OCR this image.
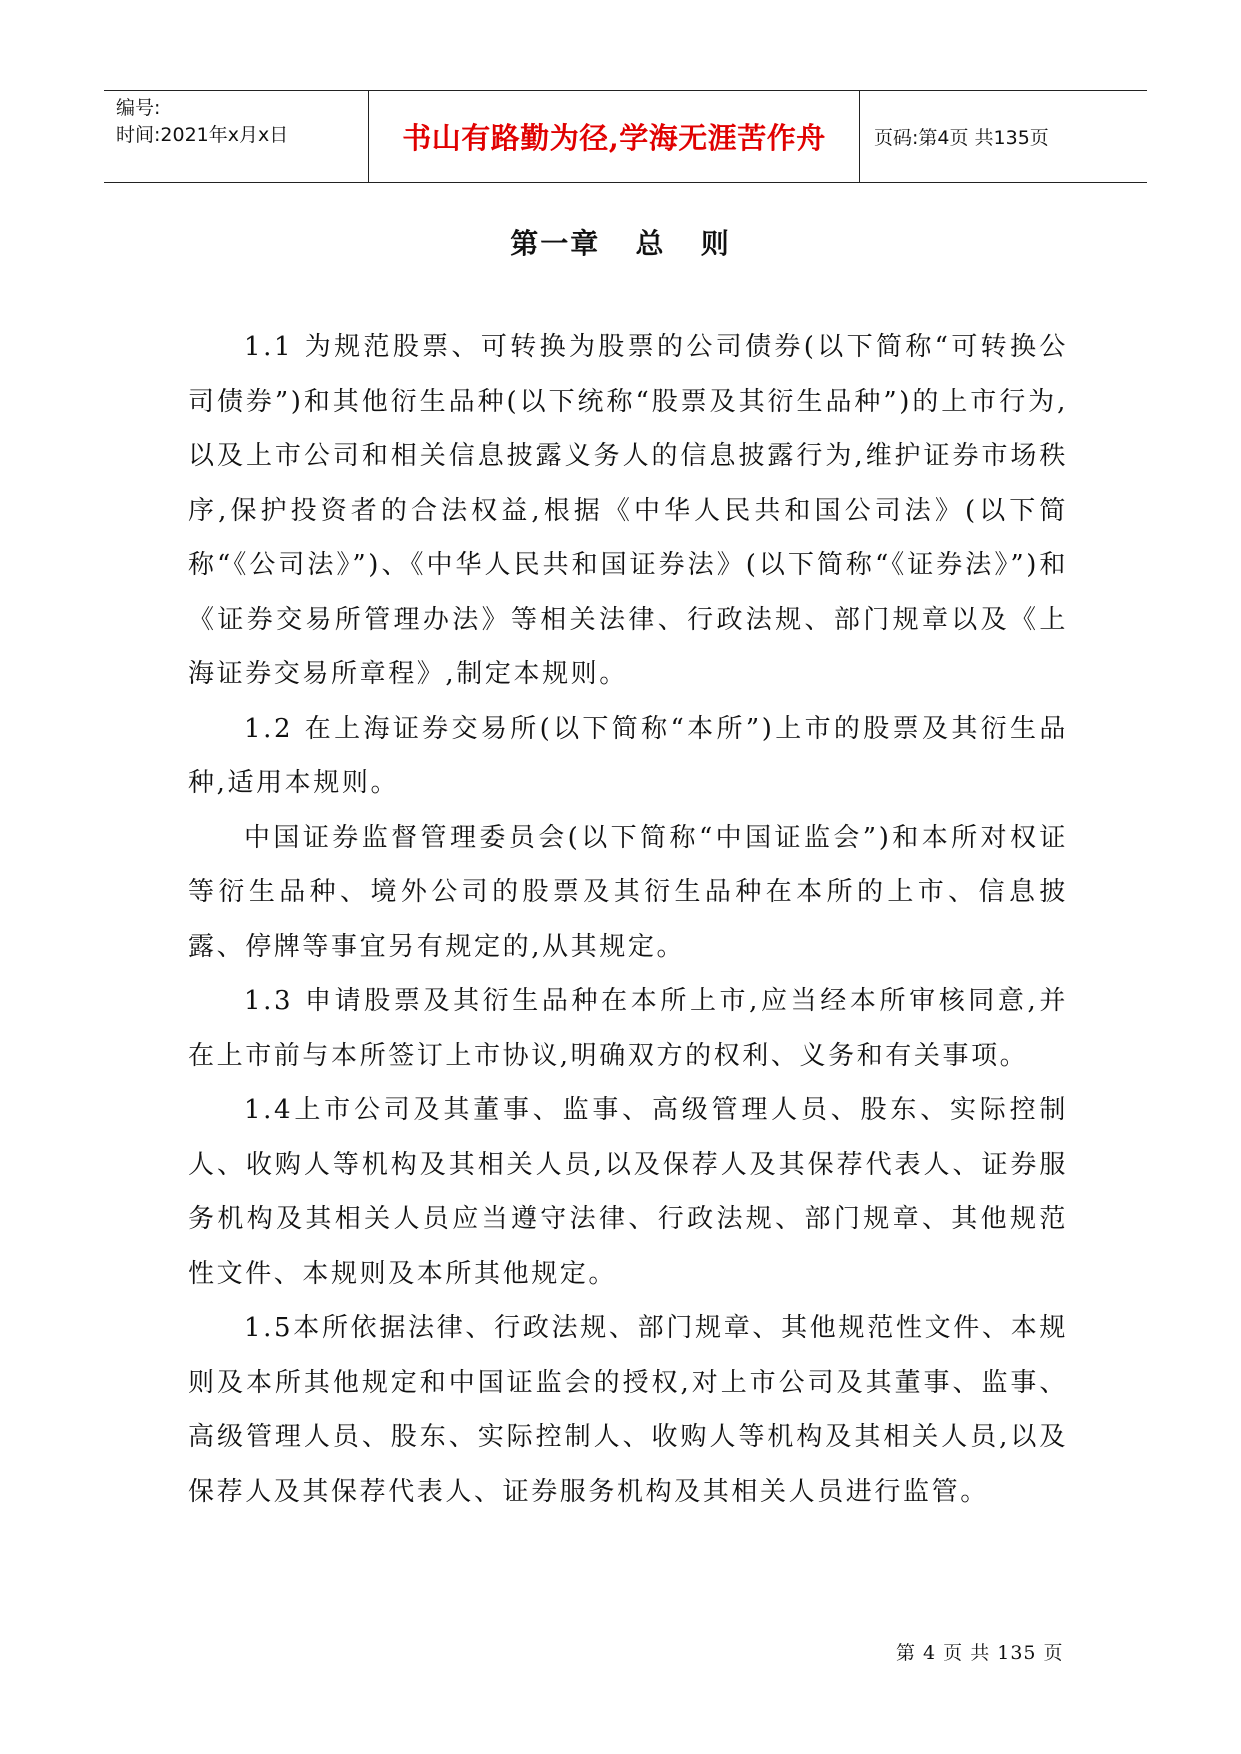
编号:
时间:2021年x月x日	书山有路勤为径,学海无涯苦作舟	页码:第4页 共135页
第一章   总   则

1.1 为规范股票、可转换为股票的公司债券(以下简称“可转换公司债券”)和其他衍生品种(以下统称“股票及其衍生品种”)的上市行为,以及上市公司和相关信息披露义务人的信息披露行为,维护证券市场秩序,保护投资者的合法权益,根据《中华人民共和国公司法》(以下简称“《公司法》”)、《中华人民共和国证券法》(以下简称“《证券法》”)和《证券交易所管理办法》等相关法律、行政法规、部门规章以及《上海证券交易所章程》,制定本规则。

1.2 在上海证券交易所(以下简称“本所”)上市的股票及其衍生品种,适用本规则。

中国证券监督管理委员会(以下简称“中国证监会”)和本所对权证等衍生品种、境外公司的股票及其衍生品种在本所的上市、信息披露、停牌等事宜另有规定的,从其规定。

1.3 申请股票及其衍生品种在本所上市,应当经本所审核同意,并在上市前与本所签订上市协议,明确双方的权利、义务和有关事项。

1.4上市公司及其董事、监事、高级管理人员、股东、实际控制人、收购人等机构及其相关人员,以及保荐人及其保荐代表人、证券服务机构及其相关人员应当遵守法律、行政法规、部门规章、其他规范性文件、本规则及本所其他规定。

1.5本所依据法律、行政法规、部门规章、其他规范性文件、本规则及本所其他规定和中国证监会的授权,对上市公司及其董事、监事、高级管理人员、股东、实际控制人、收购人等机构及其相关人员,以及保荐人及其保荐代表人、证券服务机构及其相关人员进行监管。

第 4 页 共 135 页
